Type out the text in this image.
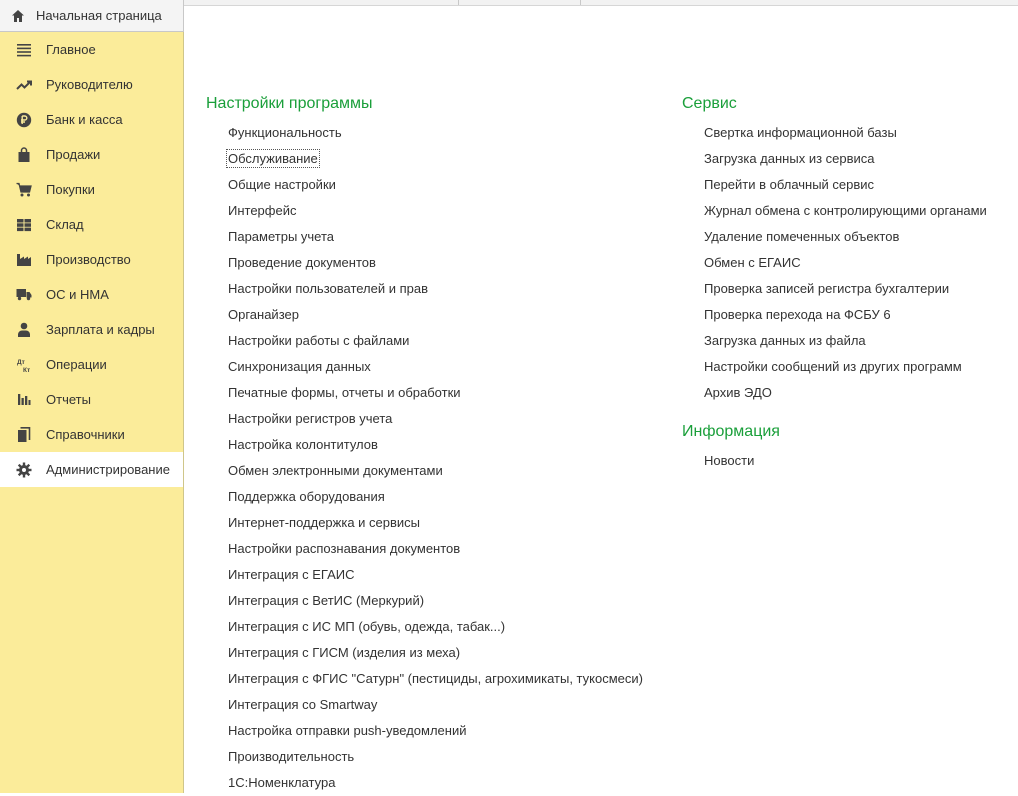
Начальная страница
Главное
Руководителю
Банк и касса
Продажи
Покупки
Склад
Производство
ОС и НМА
Зарплата и кадры
Дт
Кт Операции
Отчеты
Справочники
Администрирование
Настройки программы
Функциональность
Обслуживание
Общие настройки
Интерфейс
Параметры учета
Проведение документов
Настройки пользователей и прав
Органайзер
Настройки работы с файлами
Синхронизация данных
Печатные формы, отчеты и обработки
Настройки регистров учета
Настройка колонтитулов
Обмен электронными документами
Поддержка оборудования
Интернет-поддержка и сервисы
Настройки распознавания документов
Интеграция с ЕГАИС
Интеграция с ВетИС (Меркурий)
Интеграция с ИС МП (обувь, одежда, табак...)
Интеграция с ГИСМ (изделия из меха)
Интеграция с ФГИС "Сатурн" (пестициды, агрохимикаты, тукосмеси)
Интеграция со Smartway
Настройка отправки push-уведомлений
Производительность
1С:Номенклатура
Сервис
Свертка информационной базы
Загрузка данных из сервиса
Перейти в облачный сервис
Журнал обмена с контролирующими органами
Удаление помеченных объектов
Обмен с ЕГАИС
Проверка записей регистра бухгалтерии
Проверка перехода на ФСБУ 6
Загрузка данных из файла
Настройки сообщений из других программ
Архив ЭДО
Информация
Новости
